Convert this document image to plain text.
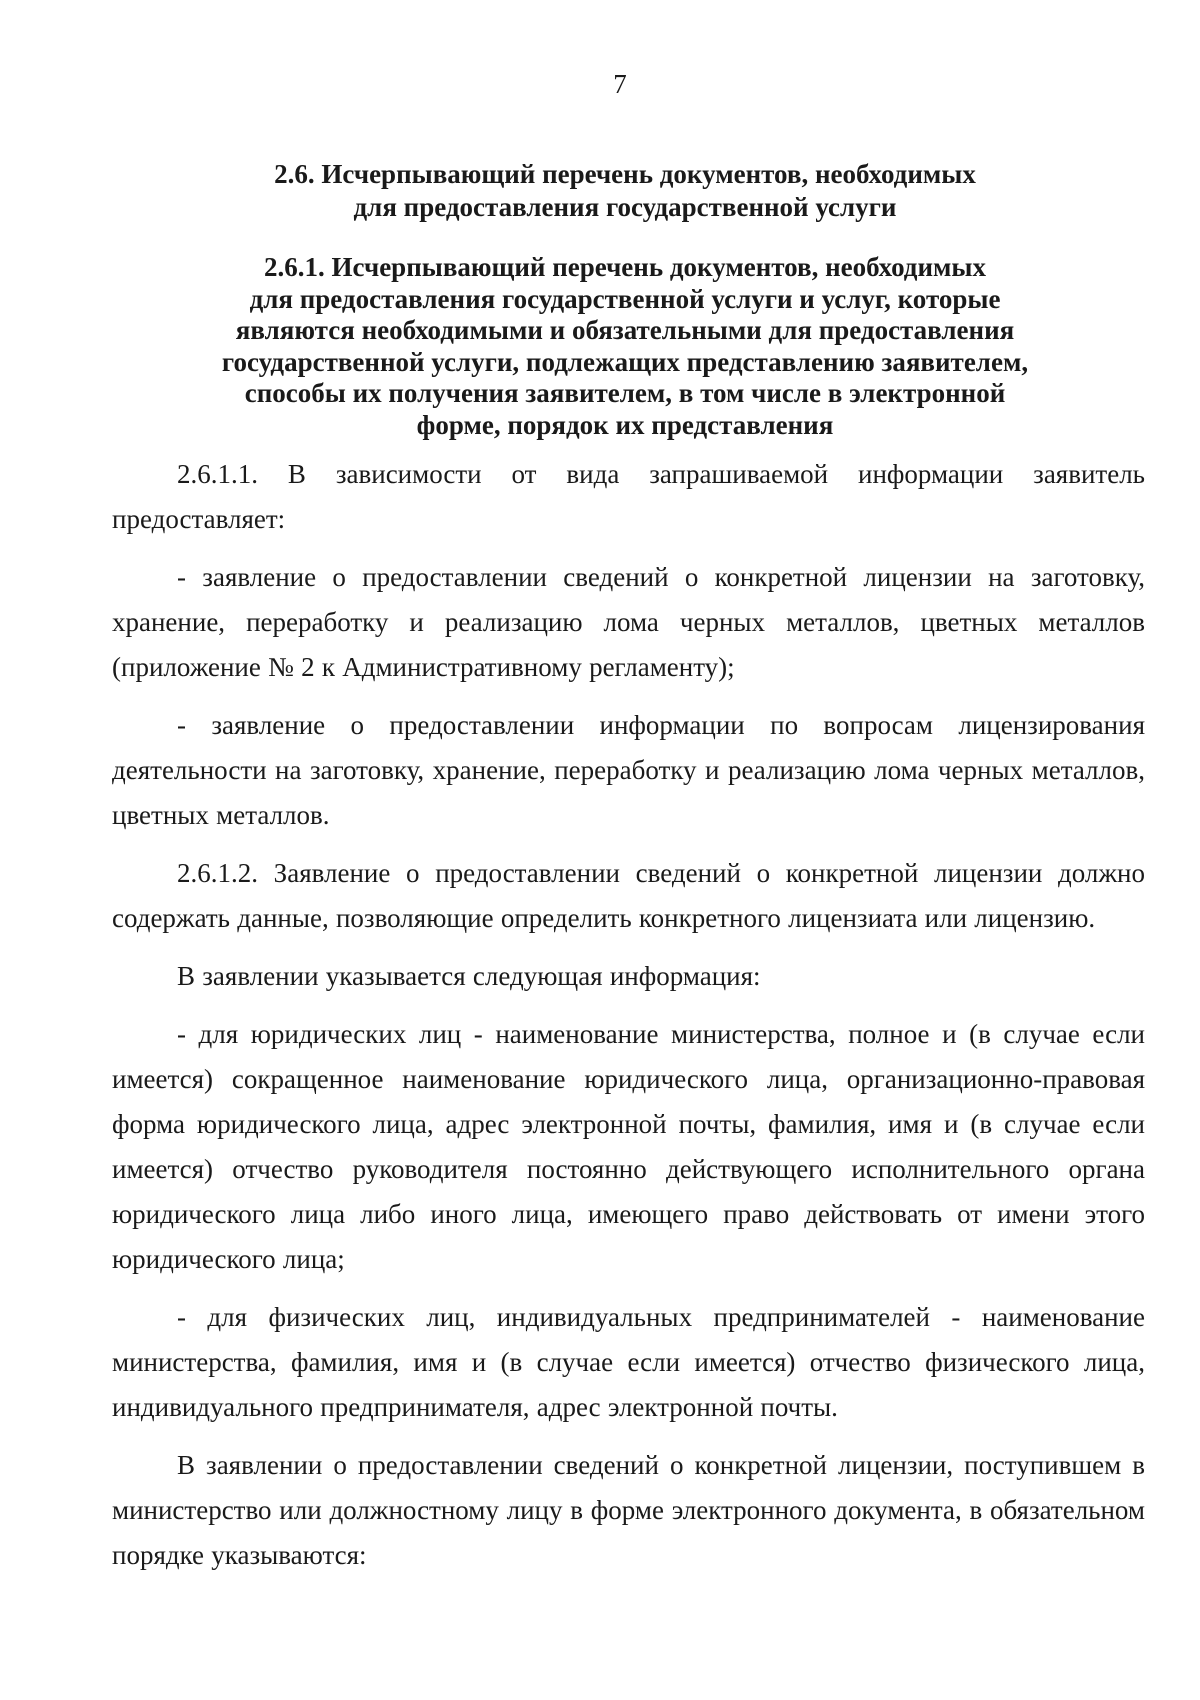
7
2.6. Исчерпывающий перечень документов, необходимых
для предоставления государственной услуги
2.6.1. Исчерпывающий перечень документов, необходимых
для предоставления государственной услуги и услуг, которые
являются необходимыми и обязательными для предоставления
государственной услуги, подлежащих представлению заявителем,
способы их получения заявителем, в том числе в электронной
форме, порядок их представления

2.6.1.1. В зависимости от вида запрашиваемой информации заявитель предоставляет:

- заявление о предоставлении сведений о конкретной лицензии на заготовку, хранение, переработку и реализацию лома черных металлов, цветных металлов (приложение № 2 к Административному регламенту);

- заявление о предоставлении информации по вопросам лицензирования деятельности на заготовку, хранение, переработку и реализацию лома черных металлов, цветных металлов.

2.6.1.2. Заявление о предоставлении сведений о конкретной лицензии должно содержать данные, позволяющие определить конкретного лицензиата или лицензию.

В заявлении указывается следующая информация:

- для юридических лиц - наименование министерства, полное и (в случае если имеется) сокращенное наименование юридического лица, организационно-правовая форма юридического лица, адрес электронной почты, фамилия, имя и (в случае если имеется) отчество руководителя постоянно действующего исполнительного органа юридического лица либо иного лица, имеющего право действовать от имени этого юридического лица;

- для физических лиц, индивидуальных предпринимателей - наименование министерства, фамилия, имя и (в случае если имеется) отчество физического лица, индивидуального предпринимателя, адрес электронной почты.

В заявлении о предоставлении сведений о конкретной лицензии, поступившем в министерство или должностному лицу в форме электронного документа, в обязательном порядке указываются:
